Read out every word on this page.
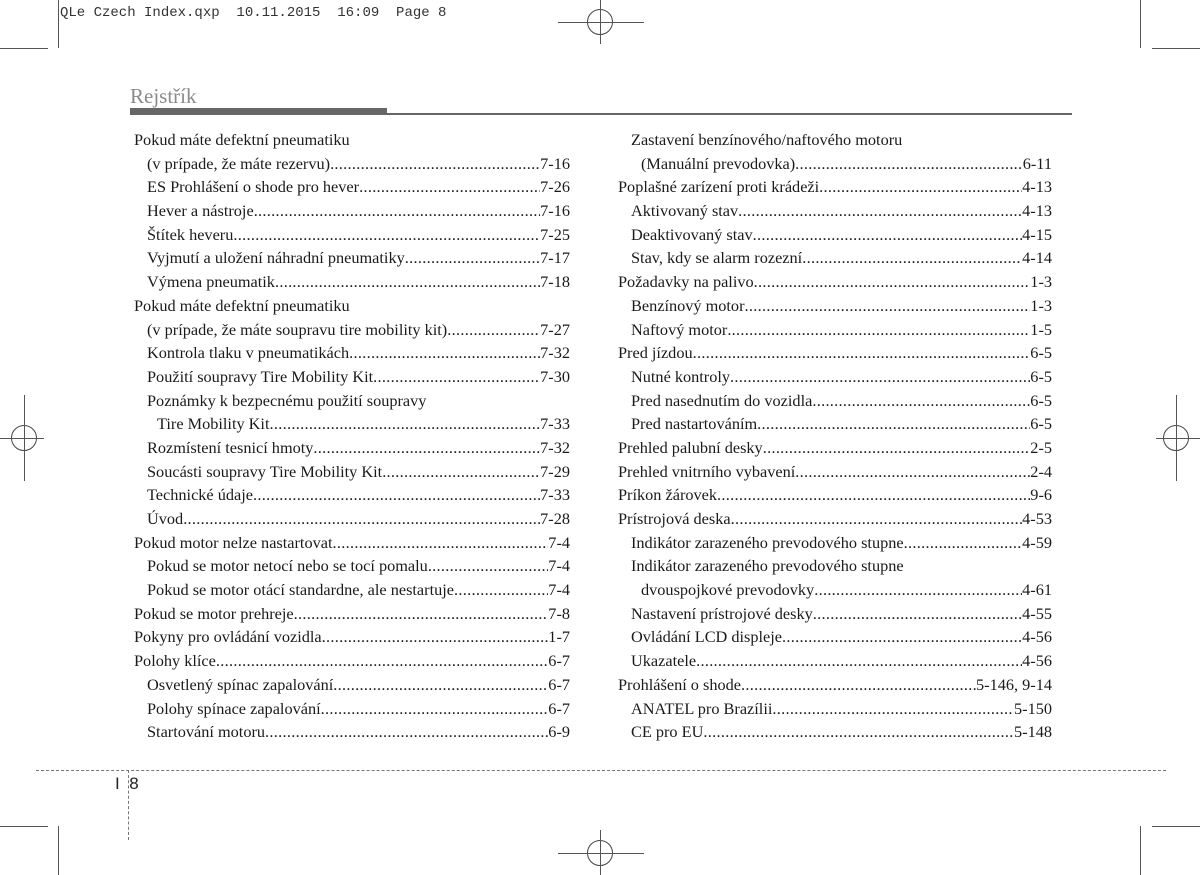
QLe Czech Index.qxp  10.11.2015  16:09  Page 8
Rejstřík
Pokud máte defektní pneumatiku
(v prípade, že máte rezervu) .....	7-16
ES Prohlášení o shode pro hever .....	7-26
Hever a nástroje .....	7-16
Štítek heveru .....	7-25
Vyjmutí a uložení náhradní pneumatiky .....	7-17
Výmena pneumatik .....	7-18
Pokud máte defektní pneumatiku
(v prípade, že máte soupravu tire mobility kit) .....	7-27
Kontrola tlaku v pneumatikách .....	7-32
Použití soupravy Tire Mobility Kit .....	7-30
Poznámky k bezpecnému použití soupravy
Tire Mobility Kit .....	7-33
Rozmístení tesnicí hmoty .....	7-32
Soucásti soupravy Tire Mobility Kit .....	7-29
Technické údaje .....	7-33
Úvod .....	7-28
Pokud motor nelze nastartovat .....	7-4
Pokud se motor netocí nebo se tocí pomalu .....	7-4
Pokud se motor otácí standardne, ale nestartuje .....	7-4
Pokud se motor prehreje .....	7-8
Pokyny pro ovládání vozidla .....	1-7
Polohy klíce .....	6-7
Osvetlený spínac zapalování .....	6-7
Polohy spínace zapalování .....	6-7
Startování motoru .....	6-9
Zastavení benzínového/naftového motoru
(Manuální prevodovka) .....	6-11
Poplašné zarízení proti krádeži .....	4-13
Aktivovaný stav .....	4-13
Deaktivovaný stav .....	4-15
Stav, kdy se alarm rozezní .....	4-14
Požadavky na palivo .....	1-3
Benzínový motor .....	1-3
Naftový motor .....	1-5
Pred jízdou .....	6-5
Nutné kontroly .....	6-5
Pred nasednutím do vozidla .....	6-5
Pred nastartováním .....	6-5
Prehled palubní desky .....	2-5
Prehled vnitrního vybavení .....	2-4
Príkon žárovek .....	9-6
Prístrojová deska .....	4-53
Indikátor zarazeného prevodového stupne .....	4-59
Indikátor zarazeného prevodového stupne
dvouspojkové prevodovky .....	4-61
Nastavení prístrojové desky .....	4-55
Ovládání LCD displeje .....	4-56
Ukazatele .....	4-56
Prohlášení o shode .....	5-146, 9-14
ANATEL pro Brazílii .....	5-150
CE pro EU .....	5-148
I 8
